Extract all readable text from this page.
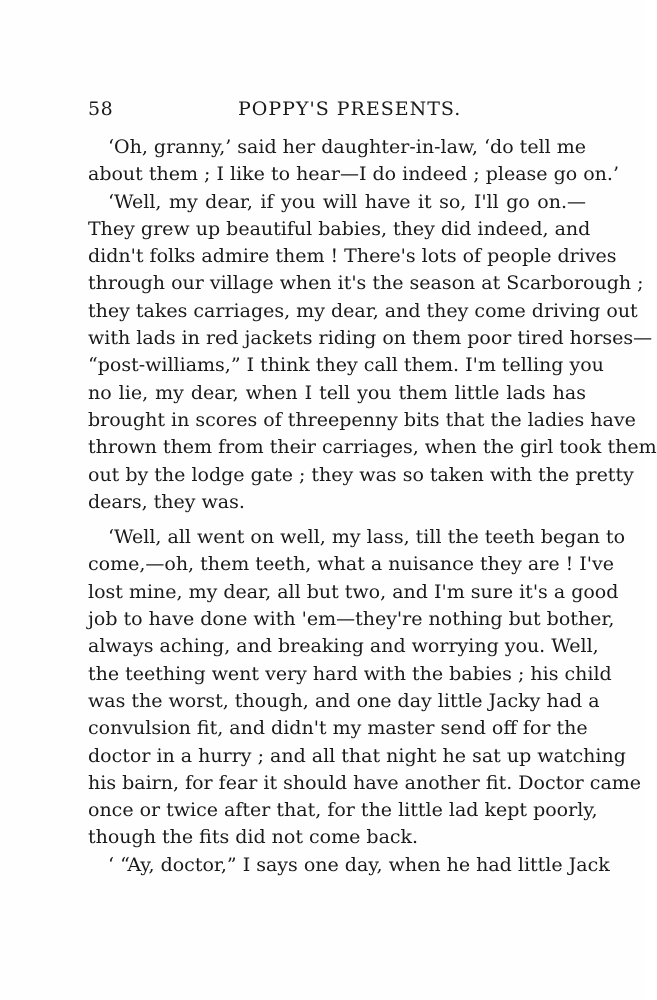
58	POPPY'S PRESENTS.
‘Oh, granny,’ said her daughter-in-law, ‘do tell me
about them ; I like to hear—I do indeed ; please go on.’
‘Well, my dear, if you will have it so, I'll go on.—
They grew up beautiful babies, they did indeed, and
didn't folks admire them ! There's lots of people drives
through our village when it's the season at Scarborough ;
they takes carriages, my dear, and they come driving out
with lads in red jackets riding on them poor tired horses—
“post-williams,” I think they call them. I'm telling you
no lie, my dear, when I tell you them little lads has
brought in scores of threepenny bits that the ladies have
thrown them from their carriages, when the girl took them
out by the lodge gate ; they was so taken with the pretty
dears, they was.
‘Well, all went on well, my lass, till the teeth began to
come,—oh, them teeth, what a nuisance they are ! I've
lost mine, my dear, all but two, and I'm sure it's a good
job to have done with 'em—they're nothing but bother,
always aching, and breaking and worrying you. Well,
the teething went very hard with the babies ; his child
was the worst, though, and one day little Jacky had a
convulsion fit, and didn't my master send off for the
doctor in a hurry ; and all that night he sat up watching
his bairn, for fear it should have another fit. Doctor came
once or twice after that, for the little lad kept poorly,
though the fits did not come back.
‘ “Ay, doctor,” I says one day, when he had little Jack
